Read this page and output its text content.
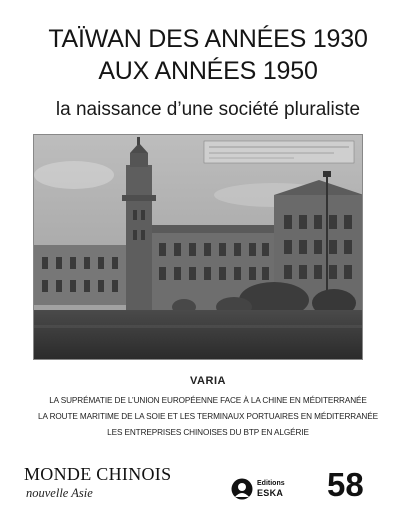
TAÏWAN DES ANNÉES 1930
AUX ANNÉES 1950
la naissance d’une société pluraliste
VARIA
LA SUPRÉMATIE DE L’UNION EUROPÉENNE FACE À LA CHINE EN MÉDITERRANÉE
LA ROUTE MARITIME DE LA SOIE ET LES TERMINAUX PORTUAIRES EN MÉDITERRANÉE
LES ENTREPRISES CHINOISES DU BTP EN ALGÉRIE
MONDE CHINOIS
nouvelle Asie
Editions
ESKA 58
